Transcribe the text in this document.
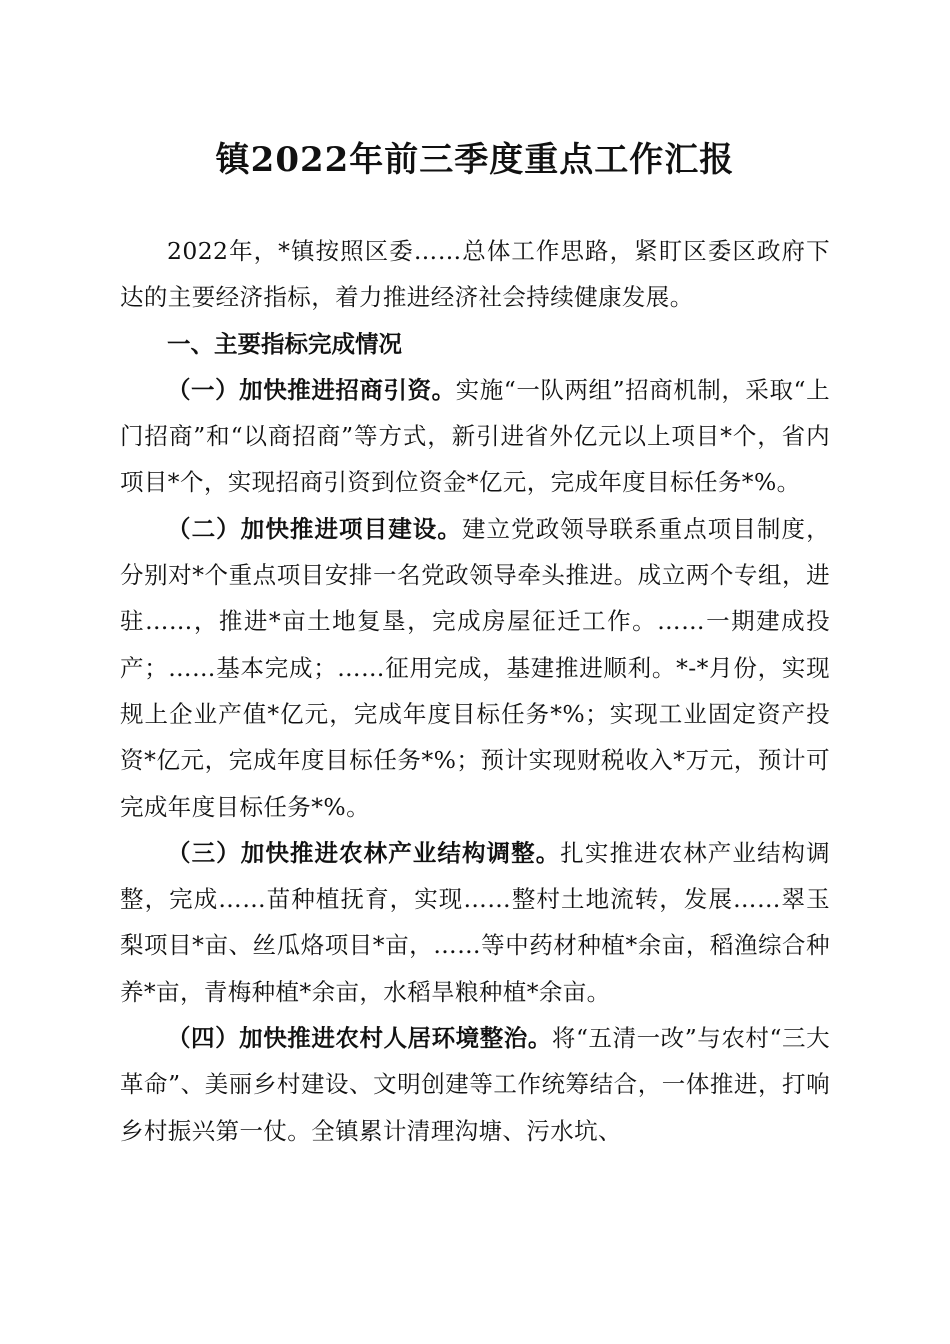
镇2022年前三季度重点工作汇报

2022年，*镇按照区委……总体工作思路，紧盯区委区政府下达的主要经济指标，着力推进经济社会持续健康发展。

一、主要指标完成情况

（一）加快推进招商引资。实施“一队两组”招商机制，采取“上门招商”和“以商招商”等方式，新引进省外亿元以上项目*个，省内项目*个，实现招商引资到位资金*亿元，完成年度目标任务*%。

（二）加快推进项目建设。建立党政领导联系重点项目制度，分别对*个重点项目安排一名党政领导牵头推进。成立两个专组，进驻……，推进*亩土地复垦，完成房屋征迁工作。……一期建成投产；……基本完成；……征用完成，基建推进顺利。*-*月份，实现规上企业产值*亿元，完成年度目标任务*%；实现工业固定资产投资*亿元，完成年度目标任务*%；预计实现财税收入*万元，预计可完成年度目标任务*%。

（三）加快推进农林产业结构调整。扎实推进农林产业结构调整，完成……苗种植抚育，实现……整村土地流转，发展……翠玉梨项目*亩、丝瓜烙项目*亩，……等中药材种植*余亩，稻渔综合种养*亩，青梅种植*余亩，水稻旱粮种植*余亩。

（四）加快推进农村人居环境整治。将“五清一改”与农村“三大革命”、美丽乡村建设、文明创建等工作统筹结合，一体推进，打响乡村振兴第一仗。全镇累计清理沟塘、污水坑、
